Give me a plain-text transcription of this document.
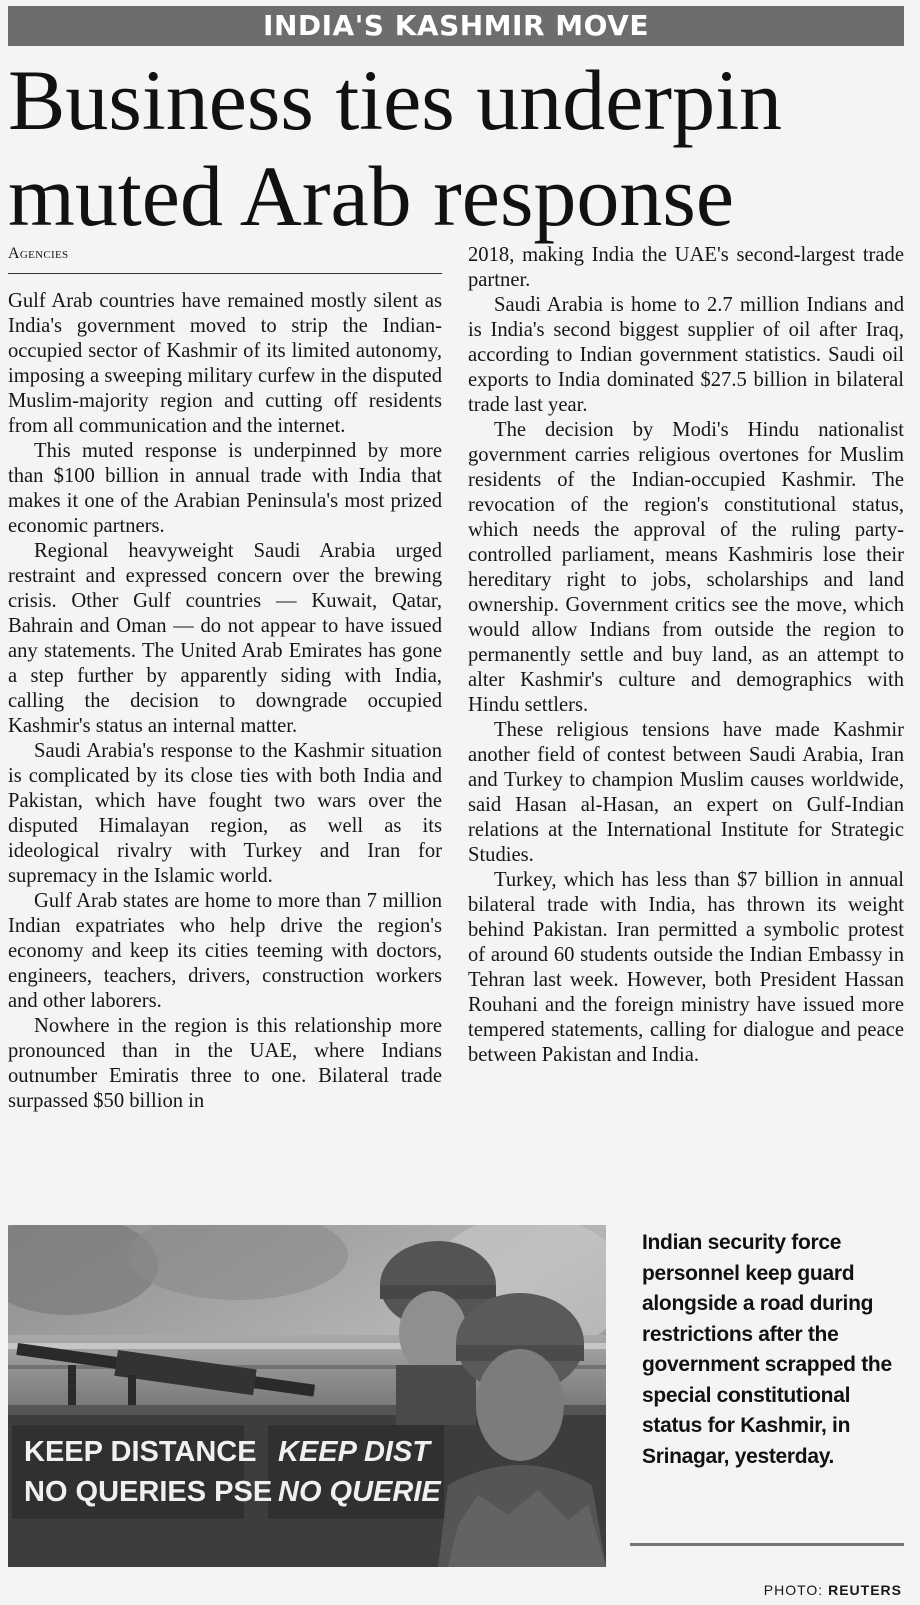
INDIA'S KASHMIR MOVE
Business ties underpin
muted Arab response
Agencies

Gulf Arab countries have remained mostly silent as India's government moved to strip the Indian-occupied sector of Kashmir of its limited autonomy, imposing a sweeping military curfew in the disputed Muslim-majority region and cutting off residents from all communication and the internet.

This muted response is underpinned by more than $100 billion in annual trade with India that makes it one of the Arabian Peninsula's most prized economic partners.

Regional heavyweight Saudi Arabia urged restraint and expressed concern over the brewing crisis. Other Gulf countries — Kuwait, Qatar, Bahrain and Oman — do not appear to have issued any statements. The United Arab Emirates has gone a step further by apparently siding with India, calling the decision to downgrade occupied Kashmir's status an internal matter.

Saudi Arabia's response to the Kashmir situation is complicated by its close ties with both India and Pakistan, which have fought two wars over the disputed Himalayan region, as well as its ideological rivalry with Turkey and Iran for supremacy in the Islamic world.

Gulf Arab states are home to more than 7 million Indian expatriates who help drive the region's economy and keep its cities teeming with doctors, engineers, teachers, drivers, construction workers and other laborers.

Nowhere in the region is this relationship more pronounced than in the UAE, where Indians outnumber Emiratis three to one. Bilateral trade surpassed $50 billion in

2018, making India the UAE's second-largest trade partner.

Saudi Arabia is home to 2.7 million Indians and is India's second biggest supplier of oil after Iraq, according to Indian government statistics. Saudi oil exports to India dominated $27.5 billion in bilateral trade last year.

The decision by Modi's Hindu nationalist government carries religious overtones for Muslim residents of the Indian-occupied Kashmir. The revocation of the region's constitutional status, which needs the approval of the ruling party-controlled parliament, means Kashmiris lose their hereditary right to jobs, scholarships and land ownership. Government critics see the move, which would allow Indians from outside the region to permanently settle and buy land, as an attempt to alter Kashmir's culture and demographics with Hindu settlers.

These religious tensions have made Kashmir another field of contest between Saudi Arabia, Iran and Turkey to champion Muslim causes worldwide, said Hasan al-Hasan, an expert on Gulf-Indian relations at the International Institute for Strategic Studies.

Turkey, which has less than $7 billion in annual bilateral trade with India, has thrown its weight behind Pakistan. Iran permitted a symbolic protest of around 60 students outside the Indian Embassy in Tehran last week. However, both President Hassan Rouhani and the foreign ministry have issued more tempered statements, calling for dialogue and peace between Pakistan and India.

KEEP DISTANCE
NO QUERIES PSE
KEEP DIST
NO QUERIE
Indian security force personnel keep guard alongside a road during restrictions after the government scrapped the special constitutional status for Kashmir, in Srinagar, yesterday.
PHOTO: REUTERS
